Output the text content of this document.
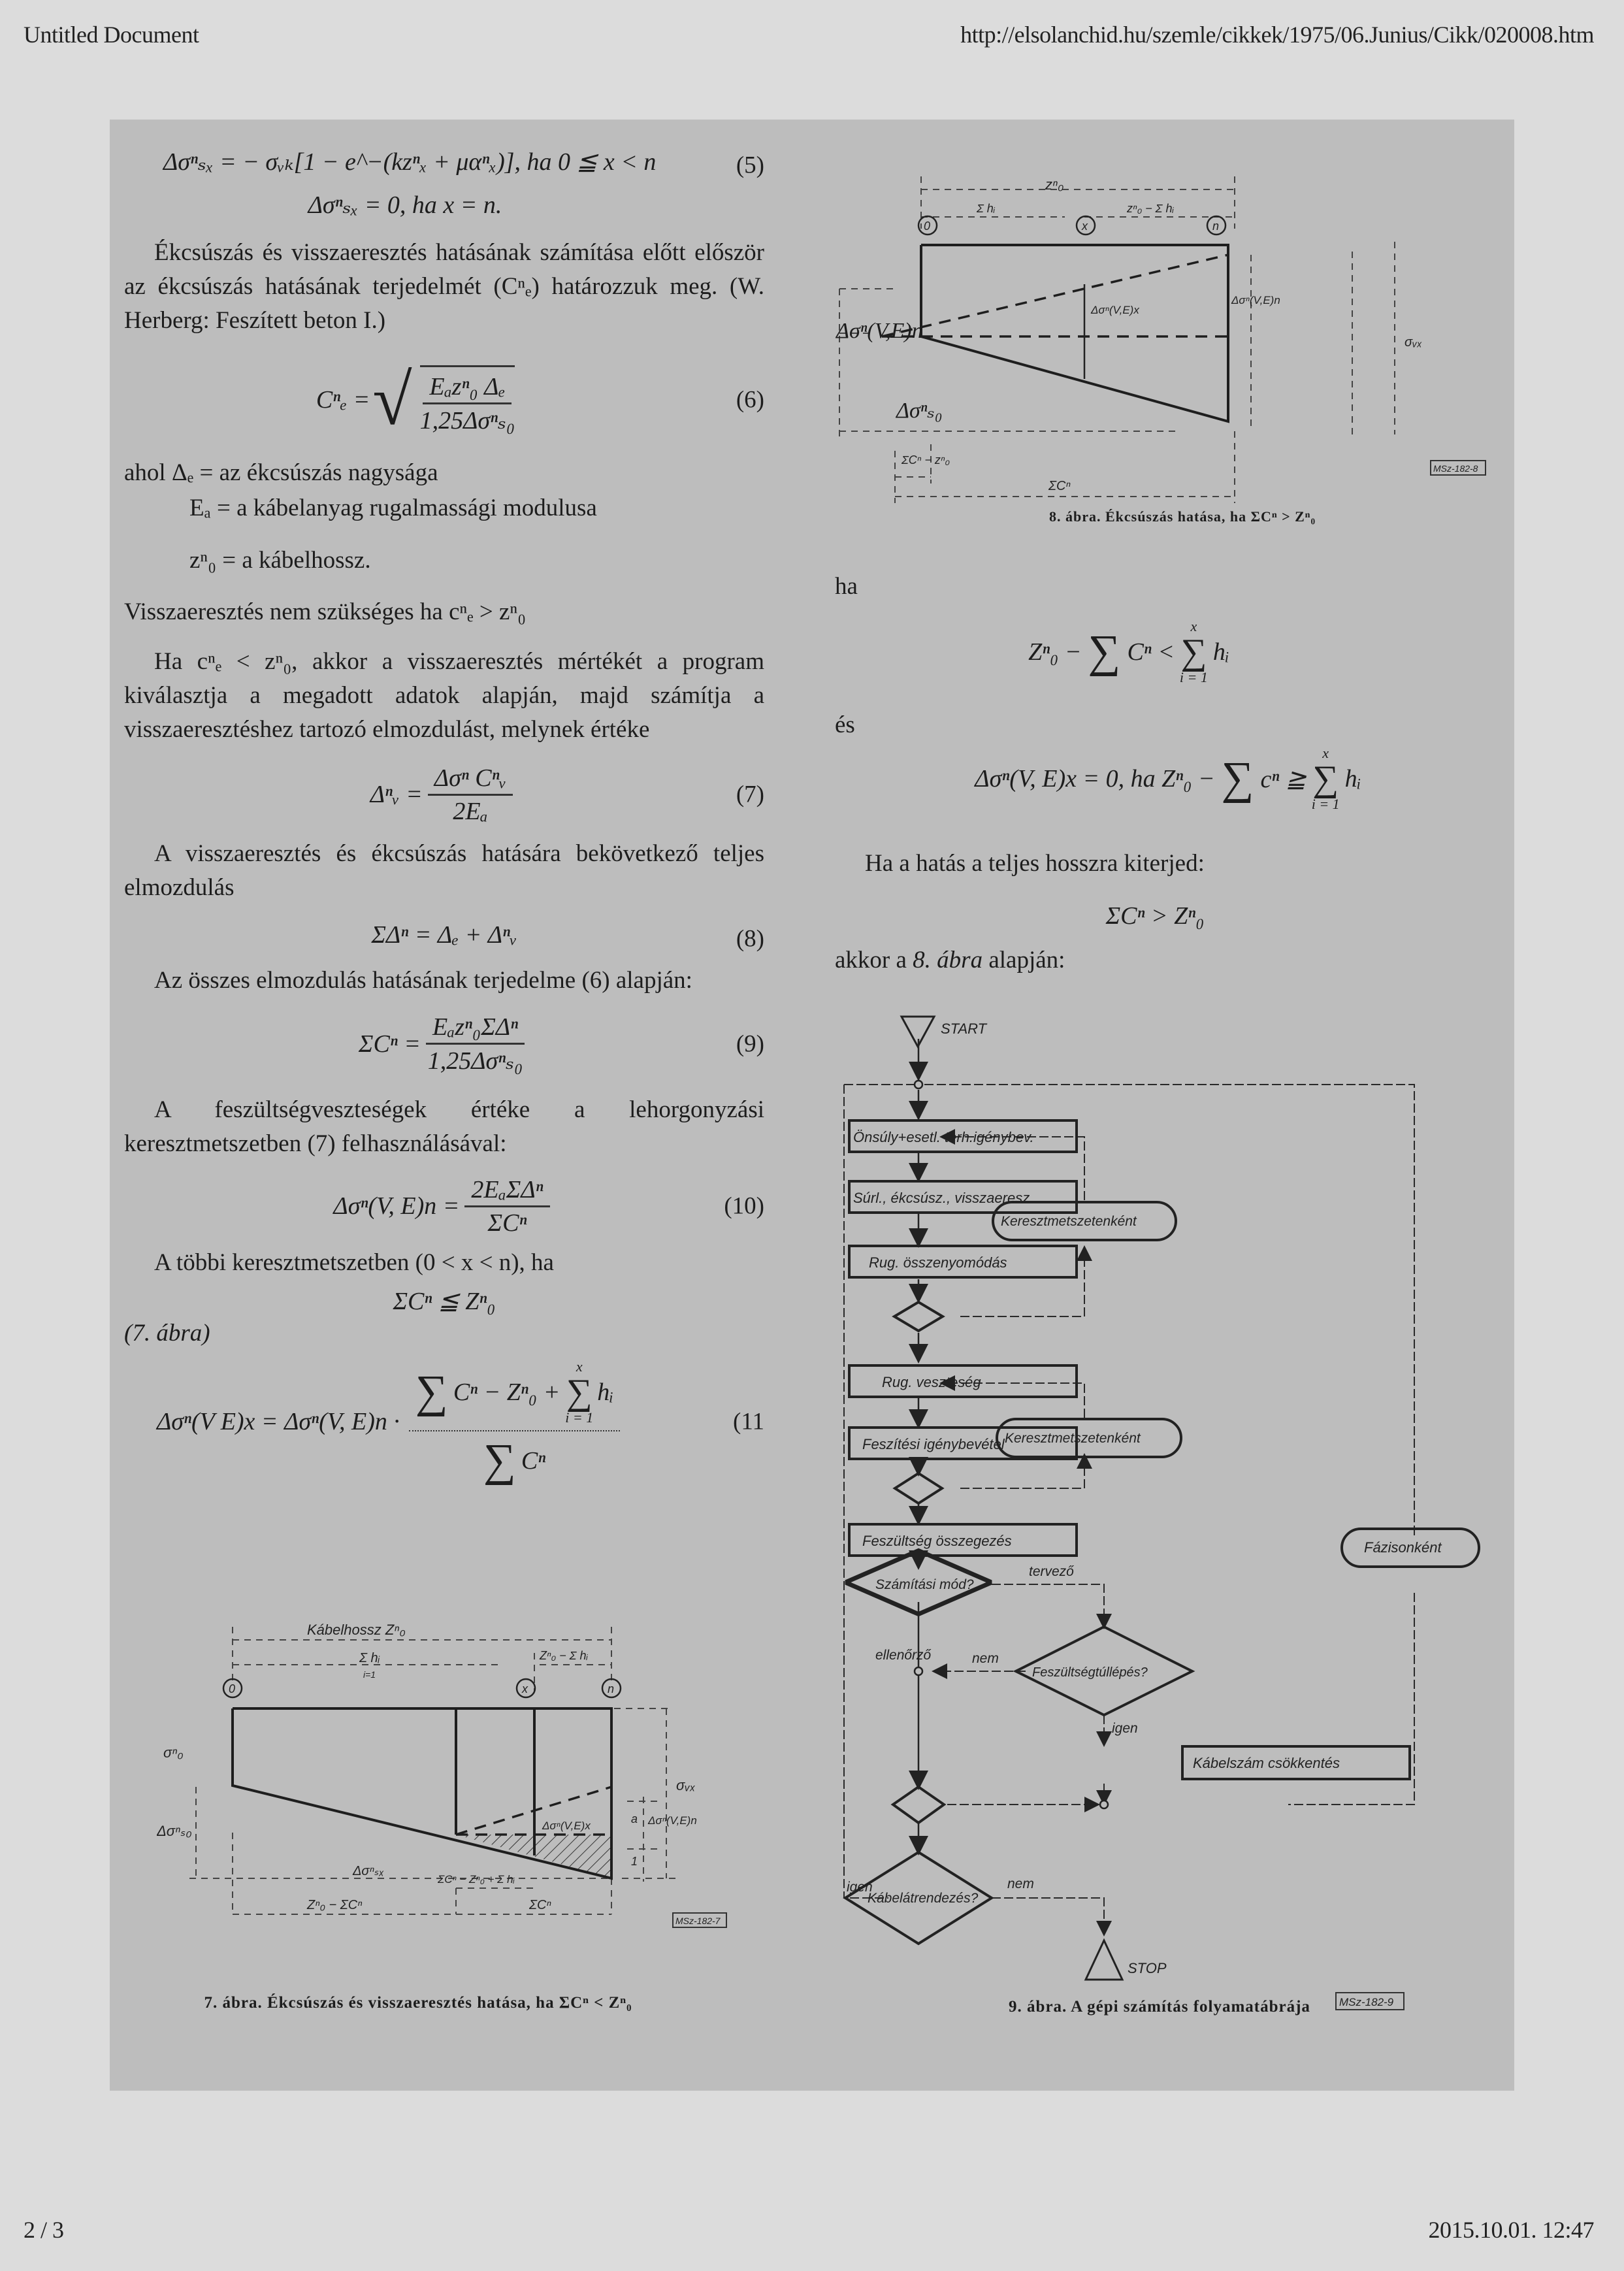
Untitled Document	http://elsolanchid.hu/szemle/cikkek/1975/06.Junius/Cikk/020008.htm
Δσⁿₛₓ = − σᵥₖ[1 − e^−(kzⁿₓ + μαⁿₓ)], ha 0 ≦ x < n	(5)
Δσⁿₛₓ = 0, ha x = n.

Ékcsúszás és visszaeresztés hatásának számítása előtt először az ékcsúszás hatásának terjedelmét (Cⁿₑ) határozzuk meg. (W. Herberg: Feszített beton I.)

Cⁿₑ = √ $\frac{\text{Eₐzⁿ₀ Δₑ}}{\text{1,25Δσⁿₛ₀}}$	(6)
ahol Δₑ = az ékcsúszás nagysága
Eₐ = a kábelanyag rugalmassági modulusa
zⁿ₀ = a kábelhossz.

Visszaeresztés nem szükséges ha cⁿₑ > zⁿ₀

Ha cⁿₑ < zⁿ₀, akkor a visszaeresztés mértékét a program kiválasztja a megadott adatok alapján, majd számítja a visszaeresztéshez tartozó elmozdulást, melynek értéke

Δⁿᵥ = $\frac{\text{Δσⁿ Cⁿᵥ}}{\text{2Eₐ}}$	(7)

A visszaeresztés és ékcsúszás hatására bekövetkező teljes elmozdulás

ΣΔⁿ = Δₑ + Δⁿᵥ	(8)

Az összes elmozdulás hatásának terjedelme (6) alapján:

$\Sigma C^n = \frac{\text{Eₐzⁿ₀ΣΔⁿ}}{\text{1,25Δσⁿₛ₀}}$	(9)

A feszültségveszteségek értéke a lehorgonyzási keresztmetszetben (7) felhasználásával:

Δσⁿ(V, $E)n = \frac{\text{2EₐΣΔⁿ}}{\text{ΣCⁿ}}$	(10)

A többi keresztmetszetben (0 < x < n), ha

ΣCⁿ ≦ Zⁿ₀
(7. ábra)
Δσⁿ(V E)x = Δσⁿ(V, E)n ·
∑ Cⁿ − Zⁿ₀ +
x
∑
i = 1
hᵢ
∑ Cⁿ
(11
0	x	n
Kábelhossz Zⁿ₀
Σ hᵢ
i=1
Zⁿ₀ − Σ hᵢ
σⁿ₀
Δσⁿₛ₀
Δσⁿₛₓ
σᵥₓ
Δσⁿ(V,E)x	Δσⁿ(V,E)n
a
1
ΣCⁿ − Zⁿ₀ + Σ hᵢ
Zⁿ₀ − ΣCⁿ	ΣCⁿ
MSz-182-7
7. ábra. Ékcsúszás és visszaeresztés hatása, ha ΣCⁿ < Zⁿ₀
0	x	n
zⁿ₀
Σ hᵢ	zⁿ₀ − Σ hᵢ
Δσⁿ(V,E)x
Δσⁿ(V,E)n
σᵥₓ
ΣCⁿ − zⁿ₀
ΣCⁿ
MSz-182-8
Δσⁿ(V,E)n
Δσⁿₛ₀
8. ábra. Ékcsúszás hatása, ha ΣCⁿ > Zⁿ₀
ha
Zⁿ₀ − ∑ Cⁿ <
x
∑
i = 1
hᵢ
és
Δσⁿ(V, E)x = 0, ha Zⁿ₀ − ∑ cⁿ ≧
x
∑
i = 1
hᵢ
Ha a hatás a teljes hosszra kiterjed:
ΣCⁿ > Zⁿ₀
akkor a 8. ábra alapján:
START
STOP
Önsúly+esetl. terh.igénybev.
Súrl., ékcsúsz., visszaeresz.
Rug. összenyomódás
Rug. veszteség
Feszítési igénybevétel
Feszültség összegezés
Keresztmetszetenként
Keresztmetszetenként
Fázisonként
Számítási mód?
tervező
ellenőrző
Feszültségtúllépés?
nem
igen
Kábelszám csökkentés
Kábelátrendezés?
igen	nem
MSz-182-9
9. ábra. A gépi számítás folyamatábrája
2 / 3	2015.10.01. 12:47
